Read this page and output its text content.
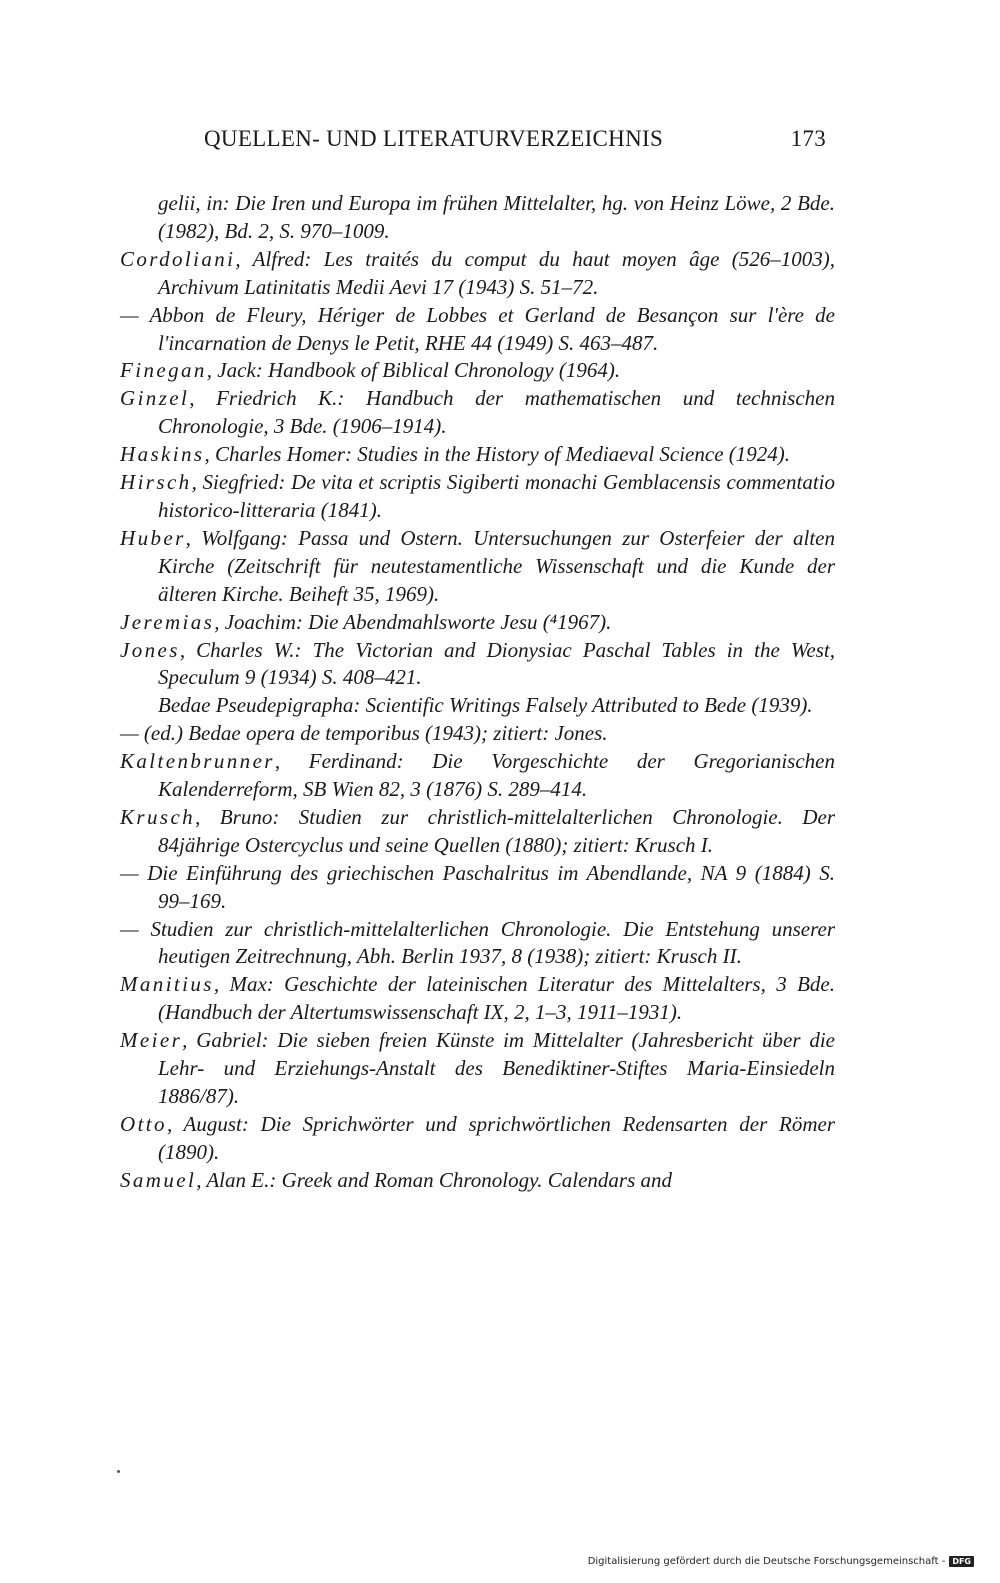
QUELLEN- UND LITERATURVERZEICHNIS	173
gelii, in: Die Iren und Europa im frühen Mittelalter, hg. von Heinz Löwe, 2 Bde. (1982), Bd. 2, S. 970–1009.
Cordoliani, Alfred: Les traités du comput du haut moyen âge (526–1003), Archivum Latinitatis Medii Aevi 17 (1943) S. 51–72.
— Abbon de Fleury, Hériger de Lobbes et Gerland de Besançon sur l'ère de l'incarnation de Denys le Petit, RHE 44 (1949) S. 463–487.
Finegan, Jack: Handbook of Biblical Chronology (1964).
Ginzel, Friedrich K.: Handbuch der mathematischen und technischen Chronologie, 3 Bde. (1906–1914).
Haskins, Charles Homer: Studies in the History of Mediaeval Science (1924).
Hirsch, Siegfried: De vita et scriptis Sigiberti monachi Gemblacensis commentatio historico-litteraria (1841).
Huber, Wolfgang: Passa und Ostern. Untersuchungen zur Osterfeier der alten Kirche (Zeitschrift für neutestamentliche Wissenschaft und die Kunde der älteren Kirche. Beiheft 35, 1969).
Jeremias, Joachim: Die Abendmahlsworte Jesu (⁴1967).
Jones, Charles W.: The Victorian and Dionysiac Paschal Tables in the West, Speculum 9 (1934) S. 408–421.
Bedae Pseudepigrapha: Scientific Writings Falsely Attributed to Bede (1939).
— (ed.) Bedae opera de temporibus (1943); zitiert: Jones.
Kaltenbrunner, Ferdinand: Die Vorgeschichte der Gregorianischen Kalenderreform, SB Wien 82, 3 (1876) S. 289–414.
Krusch, Bruno: Studien zur christlich-mittelalterlichen Chronologie. Der 84jährige Ostercyclus und seine Quellen (1880); zitiert: Krusch I.
— Die Einführung des griechischen Paschalritus im Abendlande, NA 9 (1884) S. 99–169.
— Studien zur christlich-mittelalterlichen Chronologie. Die Entstehung unserer heutigen Zeitrechnung, Abh. Berlin 1937, 8 (1938); zitiert: Krusch II.
Manitius, Max: Geschichte der lateinischen Literatur des Mittelalters, 3 Bde. (Handbuch der Altertumswissenschaft IX, 2, 1–3, 1911–1931).
Meier, Gabriel: Die sieben freien Künste im Mittelalter (Jahresbericht über die Lehr- und Erziehungs-Anstalt des Benediktiner-Stiftes Maria-Einsiedeln 1886/87).
Otto, August: Die Sprichwörter und sprichwörtlichen Redensarten der Römer (1890).
Samuel, Alan E.: Greek and Roman Chronology. Calendars and
Digitalisierung gefördert durch die Deutsche Forschungsgemeinschaft - DFG
